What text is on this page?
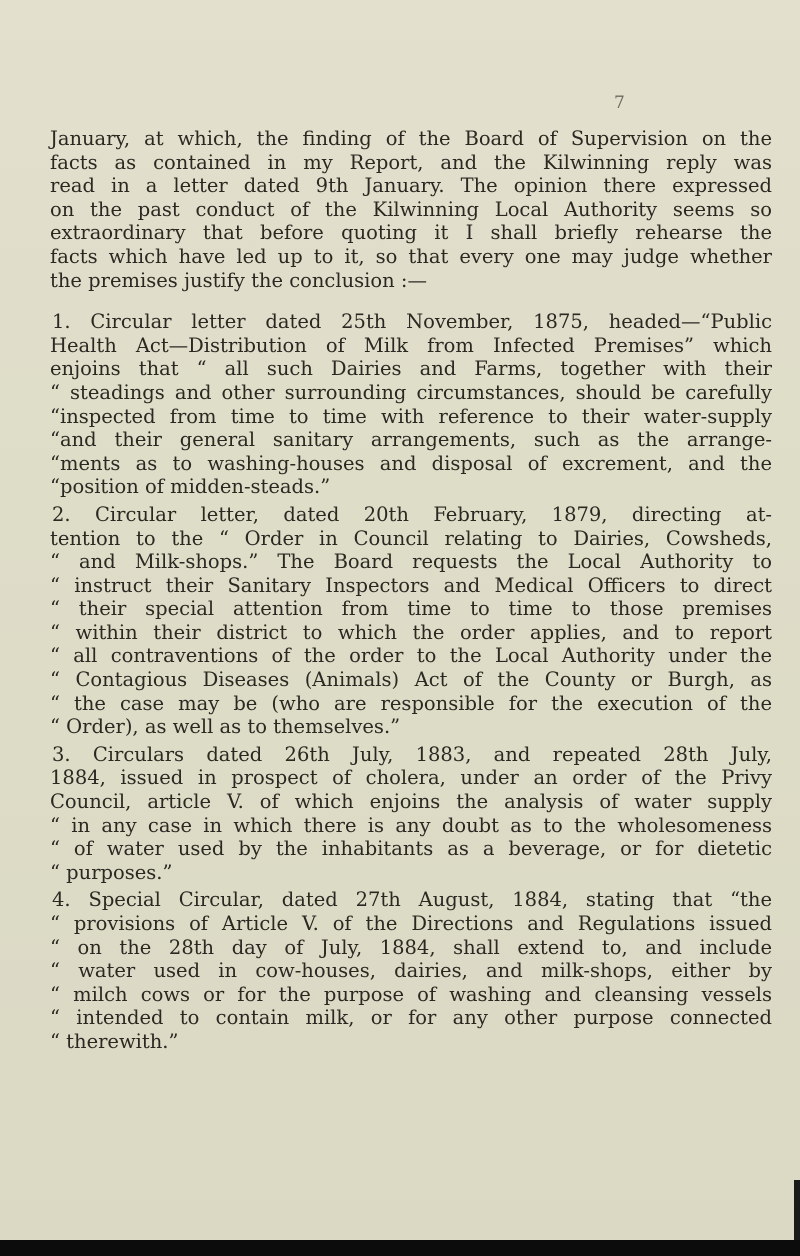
7
January, at which, the finding of the Board of Supervision on the
facts as contained in my Report, and the Kilwinning reply was
read in a letter dated 9th January. The opinion there expressed
on the past conduct of the Kilwinning Local Authority seems so
extraordinary that before quoting it I shall briefly rehearse the
facts which have led up to it, so that every one may judge whether
the premises justify the conclusion :—
1. Circular letter dated 25th November, 1875, headed—“Public
Health Act—Distribution of Milk from Infected Premises” which
enjoins that “ all such Dairies and Farms, together with their
“ steadings and other surrounding circumstances, should be carefully
“inspected from time to time with reference to their water-supply
“and their general sanitary arrangements, such as the arrange-
“ments as to washing-houses and disposal of excrement, and the
“position of midden-steads.”
2. Circular letter, dated 20th February, 1879, directing at-
tention to the “ Order in Council relating to Dairies, Cowsheds,
“ and Milk-shops.” The Board requests the Local Authority to
“ instruct their Sanitary Inspectors and Medical Officers to direct
“ their special attention from time to time to those premises
“ within their district to which the order applies, and to report
“ all contraventions of the order to the Local Authority under the
“ Contagious Diseases (Animals) Act of the County or Burgh, as
“ the case may be (who are responsible for the execution of the
“ Order), as well as to themselves.”
3. Circulars dated 26th July, 1883, and repeated 28th July,
1884, issued in prospect of cholera, under an order of the Privy
Council, article V. of which enjoins the analysis of water supply
“ in any case in which there is any doubt as to the wholesomeness
“ of water used by the inhabitants as a beverage, or for dietetic
“ purposes.”
4. Special Circular, dated 27th August, 1884, stating that “the
“ provisions of Article V. of the Directions and Regulations issued
“ on the 28th day of July, 1884, shall extend to, and include
“ water used in cow-houses, dairies, and milk-shops, either by
“ milch cows or for the purpose of washing and cleansing vessels
“ intended to contain milk, or for any other purpose connected
“ therewith.”
